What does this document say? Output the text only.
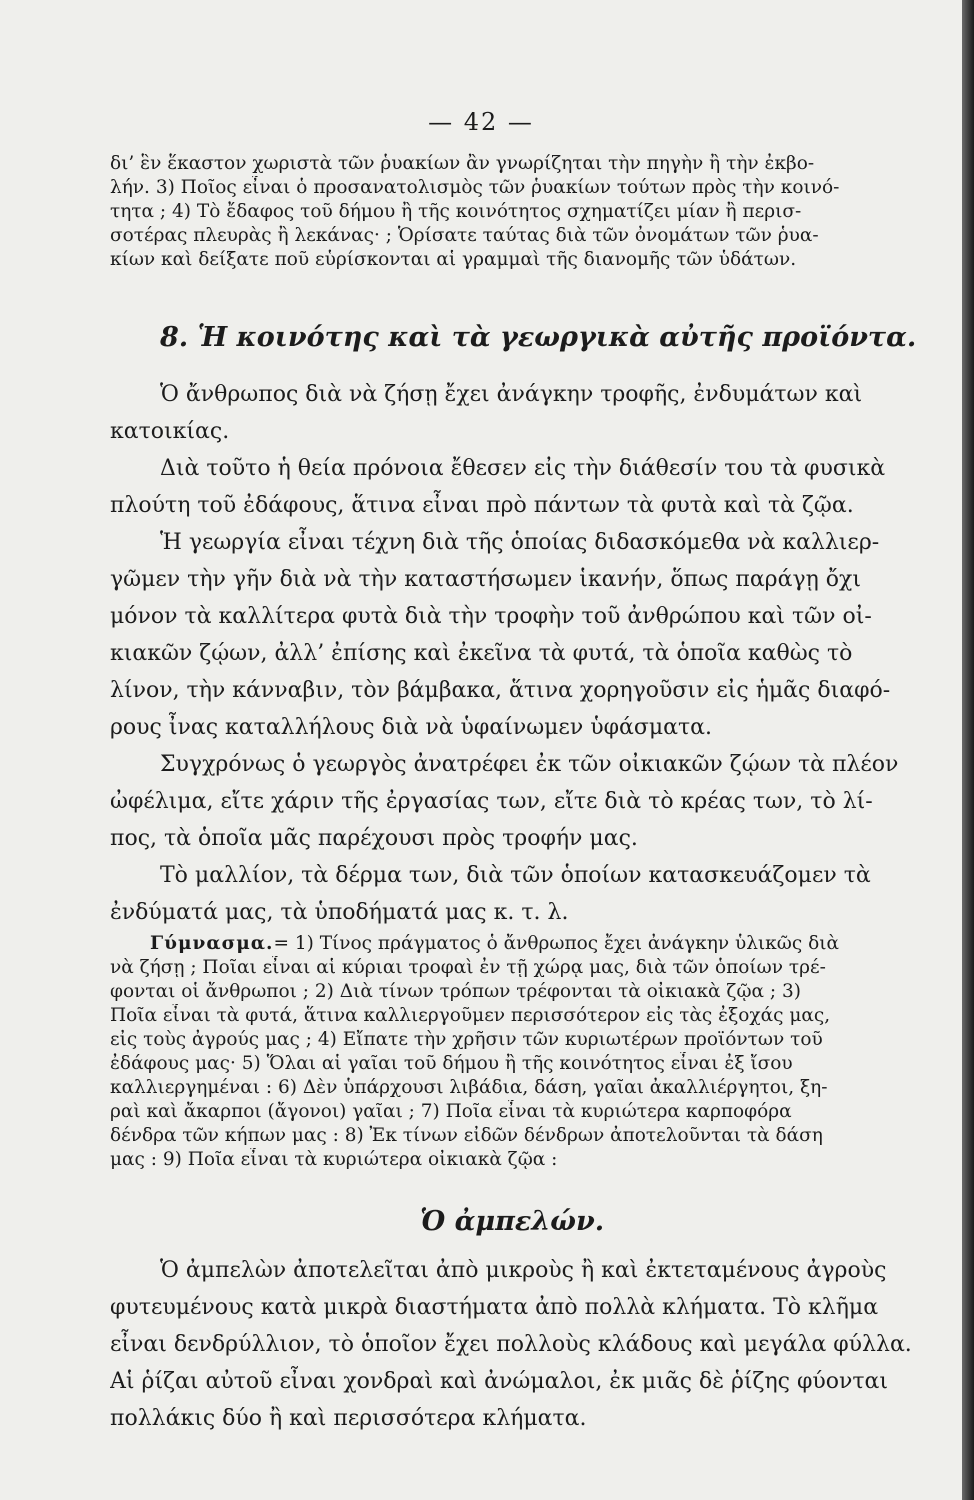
— 42 —
δι’ ἓν ἕκαστον χωριστὰ τῶν ῥυακίων ἂν γνωρίζηται τὴν πηγὴν ἢ τὴν ἐκβο-
λήν. 3) Ποῖος εἶναι ὁ προσανατολισμὸς τῶν ῥυακίων τούτων πρὸς τὴν κοινό-
τητα ; 4) Τὸ ἔδαφος τοῦ δήμου ἢ τῆς κοινότητος σχηματίζει μίαν ἢ περισ-
σοτέρας πλευρὰς ἢ λεκάνας· ; Ὁρίσατε ταύτας διὰ τῶν ὀνομάτων τῶν ῥυα-
κίων καὶ δείξατε ποῦ εὑρίσκονται αἱ γραμμαὶ τῆς διανομῆς τῶν ὑδάτων.
8. Ἡ κοινότης καὶ τὰ γεωργικὰ αὐτῆς προϊόντα.
Ὁ ἄνθρωπος διὰ νὰ ζήσῃ ἔχει ἀνάγκην τροφῆς, ἐνδυμάτων καὶ
κατοικίας.
Διὰ τοῦτο ἡ θεία πρόνοια ἔθεσεν εἰς τὴν διάθεσίν του τὰ φυσικὰ
πλούτη τοῦ ἐδάφους, ἅτινα εἶναι πρὸ πάντων τὰ φυτὰ καὶ τὰ ζῷα.
Ἡ γεωργία εἶναι τέχνη διὰ τῆς ὁποίας διδασκόμεθα νὰ καλλιερ-
γῶμεν τὴν γῆν διὰ νὰ τὴν καταστήσωμεν ἱκανήν, ὅπως παράγῃ ὄχι
μόνον τὰ καλλίτερα φυτὰ διὰ τὴν τροφὴν τοῦ ἀνθρώπου καὶ τῶν οἰ-
κιακῶν ζῴων, ἀλλ’ ἐπίσης καὶ ἐκεῖνα τὰ φυτά, τὰ ὁποῖα καθὼς τὸ
λίνον, τὴν κάνναβιν, τὸν βάμβακα, ἅτινα χορηγοῦσιν εἰς ἡμᾶς διαφό-
ρους ἶνας καταλλήλους διὰ νὰ ὑφαίνωμεν ὑφάσματα.
Συγχρόνως ὁ γεωργὸς ἀνατρέφει ἐκ τῶν οἰκιακῶν ζῴων τὰ πλέον
ὠφέλιμα, εἴτε χάριν τῆς ἐργασίας των, εἴτε διὰ τὸ κρέας των, τὸ λί-
πος, τὰ ὁποῖα μᾶς παρέχουσι πρὸς τροφήν μας.
Τὸ μαλλίον, τὰ δέρμα των, διὰ τῶν ὁποίων κατασκευάζομεν τὰ
ἐνδύματά μας, τὰ ὑποδήματά μας κ. τ. λ.
Γύμνασμα.= 1) Τίνος πράγματος ὁ ἄνθρωπος ἔχει ἀνάγκην ὑλικῶς διὰ
νὰ ζήσῃ ; Ποῖαι εἶναι αἱ κύριαι τροφαὶ ἐν τῇ χώρᾳ μας, διὰ τῶν ὁποίων τρέ-
φονται οἱ ἄνθρωποι ; 2) Διὰ τίνων τρόπων τρέφονται τὰ οἰκιακὰ ζῷα ; 3)
Ποῖα εἶναι τὰ φυτά, ἅτινα καλλιεργοῦμεν περισσότερον εἰς τὰς ἐξοχάς μας,
εἰς τοὺς ἀγρούς μας ; 4) Εἴπατε τὴν χρῆσιν τῶν κυριωτέρων προϊόντων τοῦ
ἐδάφους μας· 5) Ὅλαι αἱ γαῖαι τοῦ δήμου ἢ τῆς κοινότητος εἶναι ἐξ ἴσου
καλλιεργημέναι : 6) Δὲν ὑπάρχουσι λιβάδια, δάση, γαῖαι ἀκαλλιέργητοι, ξη-
ραὶ καὶ ἄκαρποι (ἄγονοι) γαῖαι ; 7) Ποῖα εἶναι τὰ κυριώτερα καρποφόρα
δένδρα τῶν κήπων μας : 8) Ἐκ τίνων εἰδῶν δένδρων ἀποτελοῦνται τὰ δάση
μας : 9) Ποῖα εἶναι τὰ κυριώτερα οἰκιακὰ ζῷα :
Ὁ ἀμπελών.
Ὁ ἀμπελὼν ἀποτελεῖται ἀπὸ μικροὺς ἢ καὶ ἐκτεταμένους ἀγροὺς
φυτευμένους κατὰ μικρὰ διαστήματα ἀπὸ πολλὰ κλήματα. Τὸ κλῆμα
εἶναι δενδρύλλιον, τὸ ὁποῖον ἔχει πολλοὺς κλάδους καὶ μεγάλα φύλλα.
Αἱ ῥίζαι αὐτοῦ εἶναι χονδραὶ καὶ ἀνώμαλοι, ἐκ μιᾶς δὲ ῥίζης φύονται
πολλάκις δύο ἢ καὶ περισσότερα κλήματα.
